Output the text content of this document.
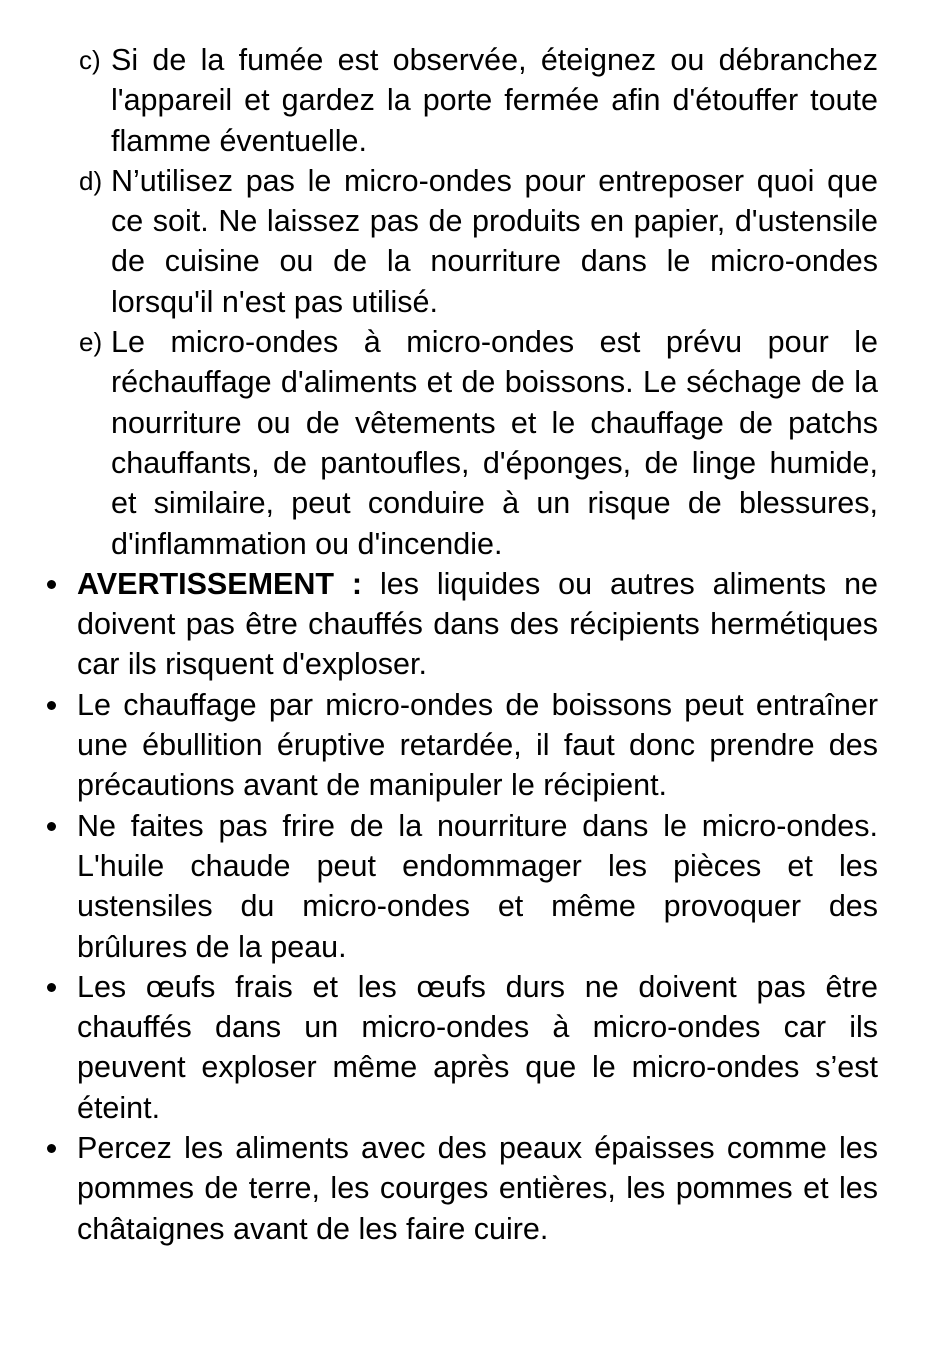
c) Si de la fumée est observée, éteignez ou débranchez l'appareil et gardez la porte fermée afin d'étouffer toute flamme éventuelle.
d) N’utilisez pas le micro-ondes pour entreposer quoi que ce soit. Ne laissez pas de produits en papier, d'ustensile de cuisine ou de la nourriture dans le micro-ondes lorsqu'il n'est pas utilisé.
e) Le micro-ondes à micro-ondes est prévu pour le réchauffage d'aliments et de boissons. Le séchage de la nourriture ou de vêtements et le chauffage de patchs chauffants, de pantoufles, d'éponges, de linge humide, et similaire, peut conduire à un risque de blessures, d'inflammation ou d'incendie.
AVERTISSEMENT : les liquides ou autres aliments ne doivent pas être chauffés dans des récipients hermétiques car ils risquent d'exploser.
Le chauffage par micro-ondes de boissons peut entraîner une ébullition éruptive retardée, il faut donc prendre des précautions avant de manipuler le récipient.
Ne faites pas frire de la nourriture dans le micro-ondes. L'huile chaude peut endommager les pièces et les ustensiles du micro-ondes et même provoquer des brûlures de la peau.
Les œufs frais et les œufs durs ne doivent pas être chauffés dans un micro-ondes à micro-ondes car ils peuvent exploser même après que le micro-ondes s’est éteint.
Percez les aliments avec des peaux épaisses comme les pommes de terre, les courges entières, les pommes et les châtaignes avant de les faire cuire.
